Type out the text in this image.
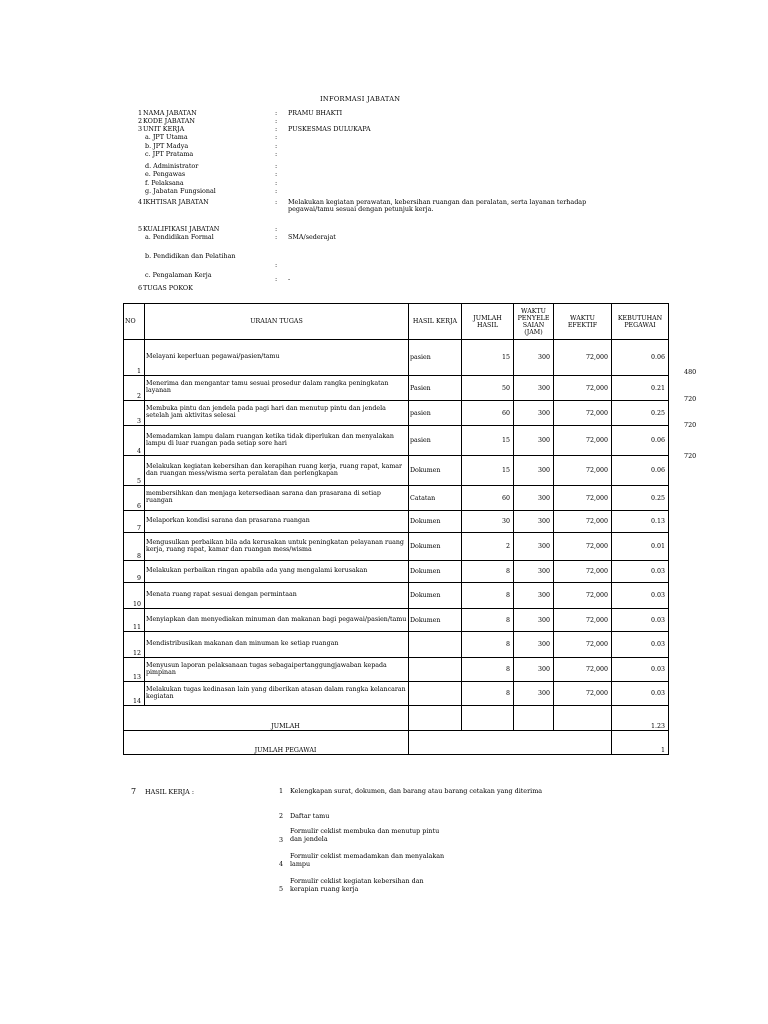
INFORMASI JABATAN
1 NAMA JABATAN	: PRAMU BHAKTI
2 KODE JABATAN	:
3 UNIT KERJA	: PUSKESMAS DULUKAPA
a. JPT Utama	:
b. JPT Madya	:
c. JPT Pratama	:
d. Administrator	:
e. Pengawas	:
f. Pelaksana	:
g. Jabatan Fungsional	:
4 IKHTISAR JABATAN	: Melakukan kegiatan perawatan, kebersihan ruangan dan peralatan, serta layanan terhadap
pegawai/tamu sesuai dengan petunjuk kerja.
5 KUALIFIKASI JABATAN	:
a. Pendidikan Formal	: SMA/sederajat
b. Pendidikan dan Pelatihan
:
c. Pengalaman Kerja	: -
6 TUGAS POKOK
NO	URAIAN TUGAS	HASIL KERJA	JUMLAH HASIL	WAKTU PENYELE SAIAN (JAM)	WAKTU EFEKTIF	KEBUTUHAN PEGAWAI
1	Melayani keperluan pegawai/pasien/tamu	pasien	15	300	72,000	0.06
2	Menerima dan mengantar tamu sesuai prosedur dalam rangka peningkatan layanan	Pasien	50	300	72,000	0.21
3	Membuka pintu dan jendela pada pagi hari dan menutup pintu dan jendela setelah jam aktivitas selesai	pasien	60	300	72,000	0.25
4	Memadamkan lampu dalam ruangan ketika tidak diperlukan dan menyalakan lampu di luar ruangan pada setiap sore hari	pasien	15	300	72,000	0.06
5	Melakukan kegiatan kebersihan dan kerapihan ruang kerja, ruang rapat, kamar dan ruangan mess/wisma serta peralatan dan perlengkapan	Dokumen	15	300	72,000	0.06
6	membersihkan dan menjaga ketersediaan sarana dan prasarana di setiap ruangan	Catatan	60	300	72,000	0.25
7	Melaporkan kondisi sarana dan prasarana ruangan	Dokumen	30	300	72,000	0.13
8	Mengusulkan perbaikan bila ada kerusakan untuk peningkatan pelayanan ruang kerja, ruang rapat, kamar dan ruangan mess/wisma	Dokumen	2	300	72,000	0.01
9	Melakukan perbaikan ringan apabila ada yang mengalami kerusakan	Dokumen	8	300	72,000	0.03
10	Menata ruang rapat sesuai dengan permintaan	Dokumen	8	300	72,000	0.03
11	Menyiapkan dan menyediakan minuman dan makanan bagi pegawai/pasien/tamu	Dokumen	8	300	72,000	0.03
12	Mendistribusikan makanan dan minuman ke setiap ruangan		8	300	72,000	0.03
13	Menyusun laporan pelaksanaan tugas sebagaipertanggungjawaban kepada pimpinan		8	300	72,000	0.03
14	Melakukan tugas kedinasan lain yang diberikan atasan dalam rangka kelancaran kegiatan		8	300	72,000	0.03
JUMLAH						1.23
JUMLAH PEGAWAI						1
480
720
720
720
7 HASIL KERJA :	1 Kelengkapan surat, dokumen, dan barang atau barang cetakan yang diterima
2 Daftar tamu
3
Formulir ceklist membuka dan menutup pintu
dan jendela
4
Formulir ceklist memadamkan dan menyalakan
lampu
5
Formulir ceklist kegiatan kebersihan dan
kerapian ruang kerja
